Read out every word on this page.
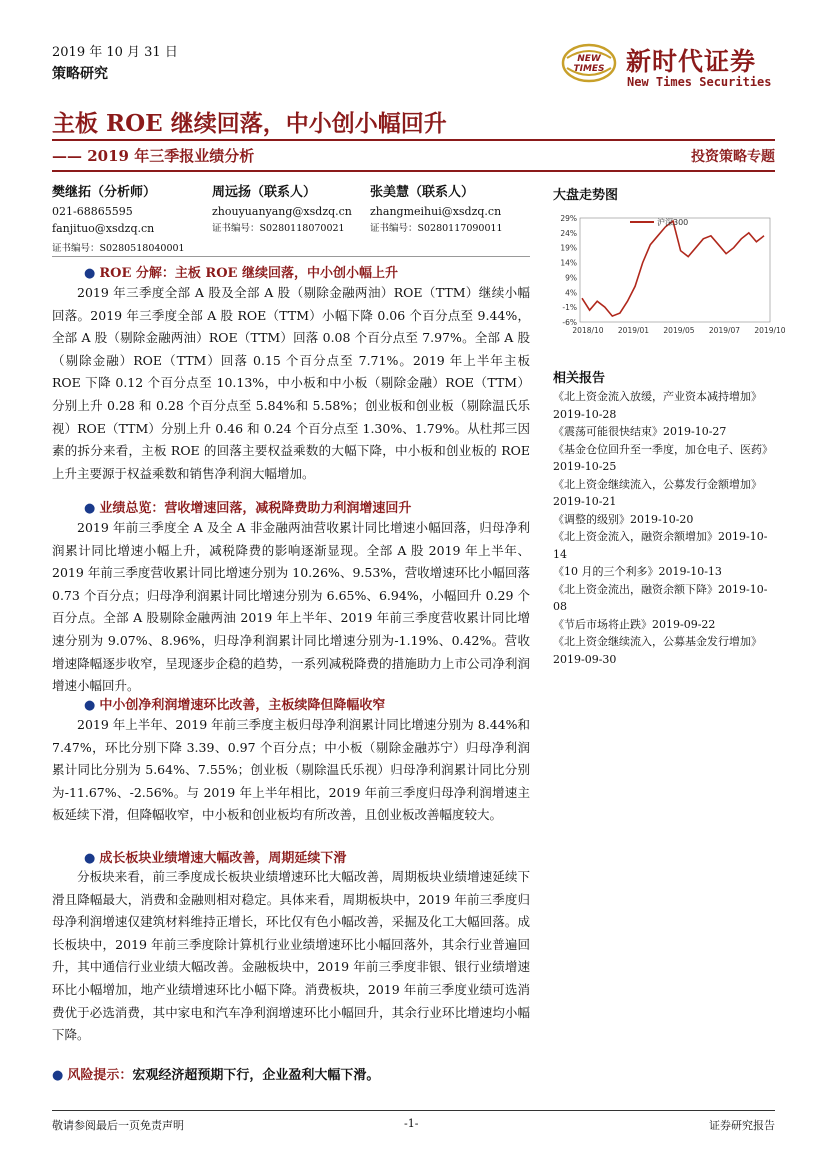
2019 年 10 月 31 日
策略研究
NEW
TIMES 新时代证券
New Times Securities
主板 ROE 继续回落，中小创小幅回升
—— 2019 年三季报业绩分析	投资策略专题
樊继拓（分析师）
021-68865595
fanjituo@xsdzq.cn
证书编号：S0280518040001
周远扬（联系人）
zhouyuanyang@xsdzq.cn
证书编号：S0280118070021
张美慧（联系人）
zhangmeihui@xsdzq.cn
证书编号：S0280117090011
● ROE 分解：主板 ROE 继续回落，中小创小幅上升
2019 年三季度全部 A 股及全部 A 股（剔除金融两油）ROE（TTM）继续小幅回落。2019 年三季度全部 A 股 ROE（TTM）小幅下降 0.06 个百分点至 9.44%，全部 A 股（剔除金融两油）ROE（TTM）回落 0.08 个百分点至 7.97%。全部 A 股（剔除金融）ROE（TTM）回落 0.15 个百分点至 7.71%。2019 年上半年主板 ROE 下降 0.12 个百分点至 10.13%，中小板和中小板（剔除金融）ROE（TTM）分别上升 0.28 和 0.28 个百分点至 5.84%和 5.58%；创业板和创业板（剔除温氏乐视）ROE（TTM）分别上升 0.46 和 0.24 个百分点至 1.30%、1.79%。从杜邦三因素的拆分来看，主板 ROE 的回落主要权益乘数的大幅下降，中小板和创业板的 ROE 上升主要源于权益乘数和销售净利润大幅增加。
● 业绩总览：营收增速回落，减税降费助力利润增速回升
2019 年前三季度全 A 及全 A 非金融两油营收累计同比增速小幅回落，归母净利润累计同比增速小幅上升，减税降费的影响逐渐显现。全部 A 股 2019 年上半年、2019 年前三季度营收累计同比增速分别为 10.26%、9.53%，营收增速环比小幅回落 0.73 个百分点；归母净利润累计同比增速分别为 6.65%、6.94%，小幅回升 0.29 个百分点。全部 A 股剔除金融两油 2019 年上半年、2019 年前三季度营收累计同比增速分别为 9.07%、8.96%，归母净利润累计同比增速分别为-1.19%、0.42%。营收增速降幅逐步收窄，呈现逐步企稳的趋势，一系列减税降费的措施助力上市公司净利润增速小幅回升。
● 中小创净利润增速环比改善，主板续降但降幅收窄
2019 年上半年、2019 年前三季度主板归母净利润累计同比增速分别为 8.44%和 7.47%，环比分别下降 3.39、0.97 个百分点；中小板（剔除金融苏宁）归母净利润累计同比分别为 5.64%、7.55%；创业板（剔除温氏乐视）归母净利润累计同比分别为-11.67%、-2.56%。与 2019 年上半年相比，2019 年前三季度归母净利润增速主板延续下滑，但降幅收窄，中小板和创业板均有所改善，且创业板改善幅度较大。
● 成长板块业绩增速大幅改善，周期延续下滑
分板块来看，前三季度成长板块业绩增速环比大幅改善，周期板块业绩增速延续下滑且降幅最大，消费和金融则相对稳定。具体来看，周期板块中，2019 年前三季度归母净利润增速仅建筑材料维持正增长，环比仅有色小幅改善，采掘及化工大幅回落。成长板块中，2019 年前三季度除计算机行业业绩增速环比小幅回落外，其余行业普遍回升，其中通信行业业绩大幅改善。金融板块中，2019 年前三季度非银、银行业绩增速环比小幅增加，地产业绩增速环比小幅下降。消费板块，2019 年前三季度业绩可选消费优于必选消费，其中家电和汽车净利润增速环比小幅回升，其余行业环比增速均小幅下降。
● 风险提示：宏观经济超预期下行，企业盈利大幅下滑。
大盘走势图
29%
24%
19%
14%
9%
4%
-1%
-6%
2018/10 2019/01 2019/05 2019/07 2019/10
沪深300
相关报告
《北上资金流入放缓，产业资本减持增加》2019-10-28
《震荡可能很快结束》2019-10-27
《基金仓位回升至一季度，加仓电子、医药》2019-10-25
《北上资金继续流入，公募发行金额增加》2019-10-21
《调整的级别》2019-10-20
《北上资金流入，融资余额增加》2019-10-14
《10 月的三个利多》2019-10-13
《北上资金流出，融资余额下降》2019-10-08
《节后市场将止跌》2019-09-22
《北上资金继续流入，公募基金发行增加》2019-09-30
敬请参阅最后一页免责声明	-1-	证券研究报告
